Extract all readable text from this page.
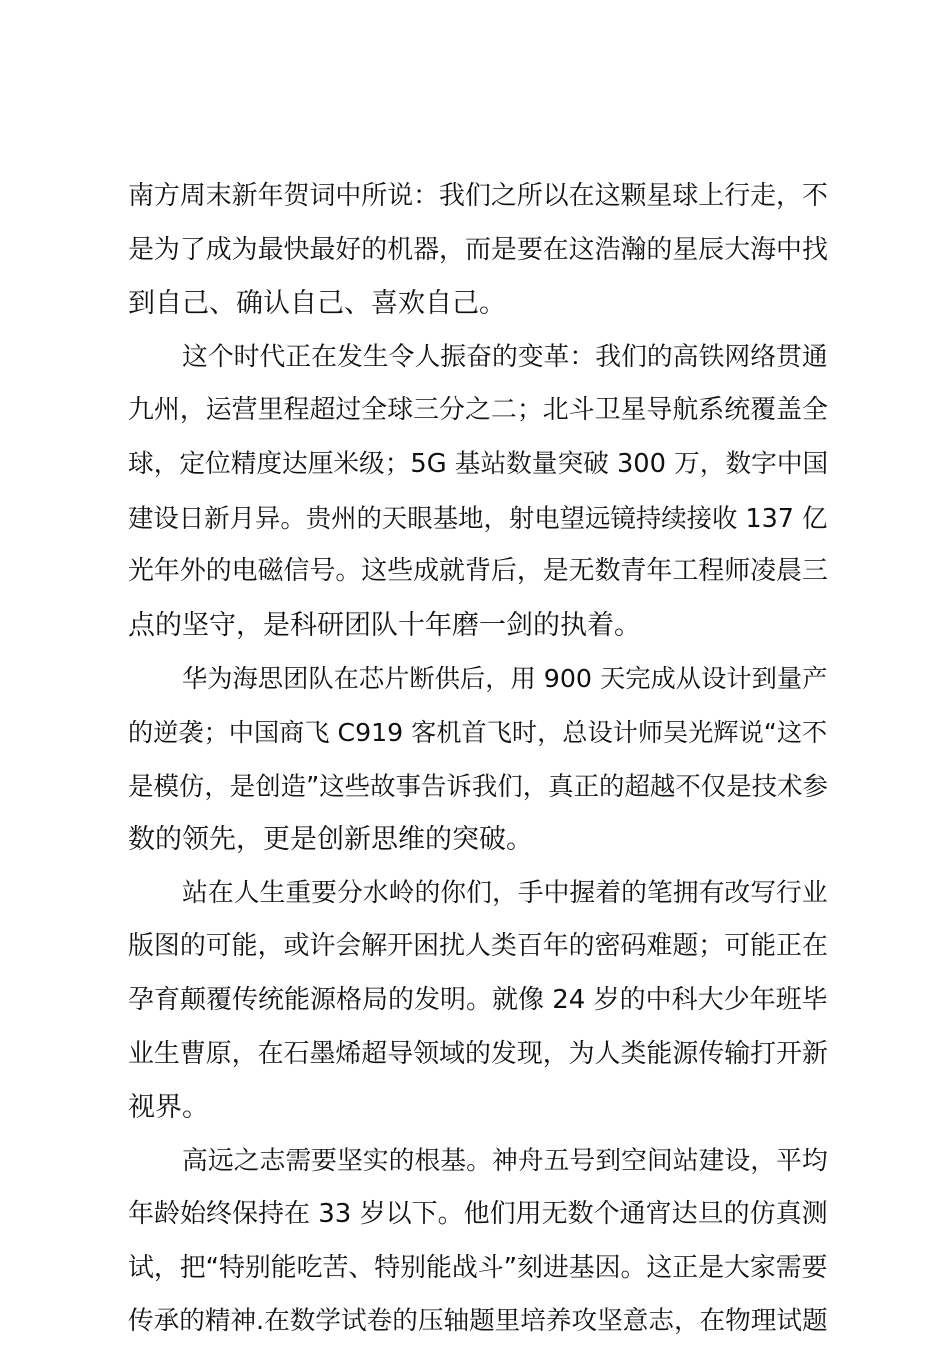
南方周末新年贺词中所说：我们之所以在这颗星球上行走，不
是为了成为最快最好的机器，而是要在这浩瀚的星辰大海中找
到自己、确认自己、喜欢自己。
这个时代正在发生令人振奋的变革：我们的高铁网络贯通
九州，运营里程超过全球三分之二；北斗卫星导航系统覆盖全
球，定位精度达厘米级；5G 基站数量突破 300 万，数字中国
建设日新月异。贵州的天眼基地，射电望远镜持续接收 137 亿
光年外的电磁信号。这些成就背后，是无数青年工程师凌晨三
点的坚守，是科研团队十年磨一剑的执着。
华为海思团队在芯片断供后，用 900 天完成从设计到量产
的逆袭；中国商飞 C919 客机首飞时，总设计师吴光辉说“这不
是模仿，是创造”这些故事告诉我们，真正的超越不仅是技术参
数的领先，更是创新思维的突破。
站在人生重要分水岭的你们，手中握着的笔拥有改写行业
版图的可能，或许会解开困扰人类百年的密码难题；可能正在
孕育颠覆传统能源格局的发明。就像 24 岁的中科大少年班毕
业生曹原，在石墨烯超导领域的发现，为人类能源传输打开新
视界。
高远之志需要坚实的根基。神舟五号到空间站建设，平均
年龄始终保持在 33 岁以下。他们用无数个通宵达旦的仿真测
试，把“特别能吃苦、特别能战斗”刻进基因。这正是大家需要
传承的精神.在数学试卷的压轴题里培养攻坚意志，在物理试题
